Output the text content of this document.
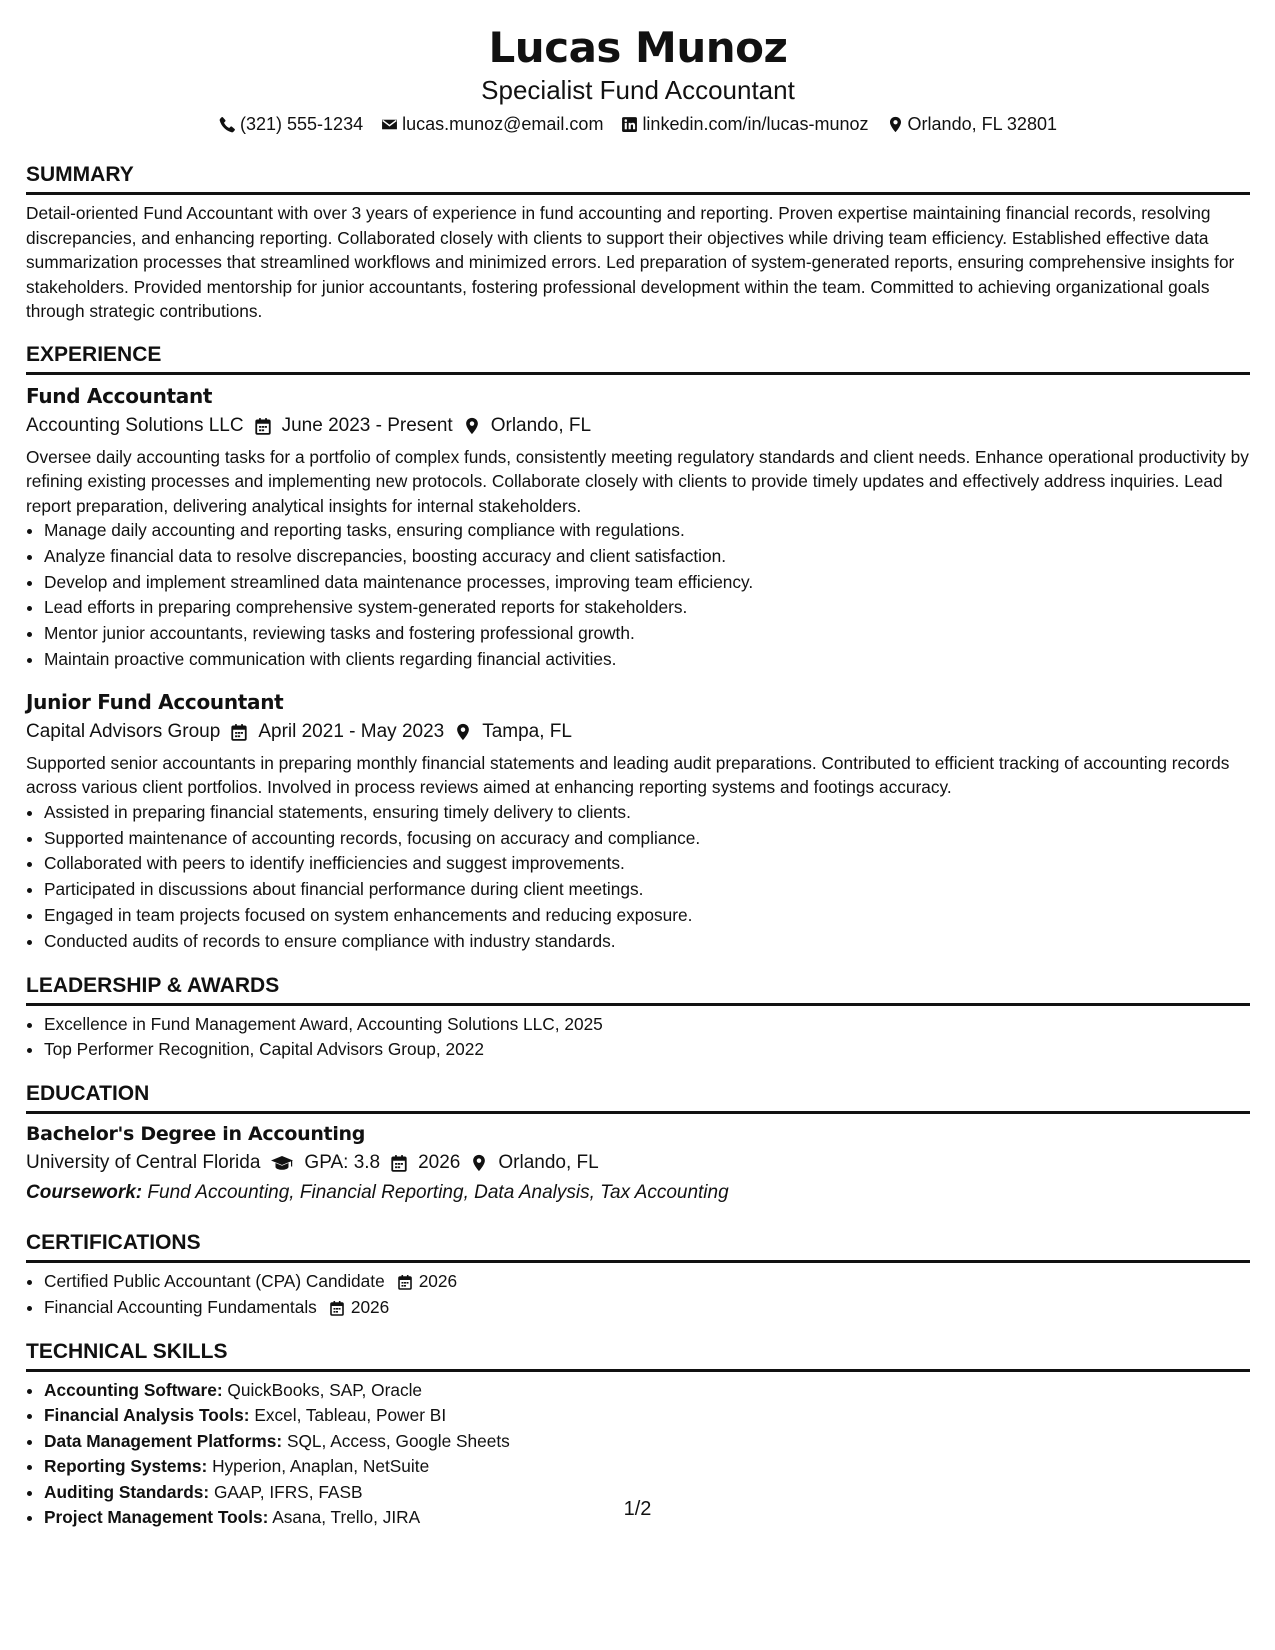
Lucas Munoz
Specialist Fund Accountant
(321) 555-1234 lucas.munoz@email.com linkedin.com/in/lucas-munoz Orlando, FL 32801
SUMMARY
Detail-oriented Fund Accountant with over 3 years of experience in fund accounting and reporting. Proven expertise maintaining financial records, resolving discrepancies, and enhancing reporting. Collaborated closely with clients to support their objectives while driving team efficiency. Established effective data summarization processes that streamlined workflows and minimized errors. Led preparation of system-generated reports, ensuring comprehensive insights for stakeholders. Provided mentorship for junior accountants, fostering professional development within the team. Committed to achieving organizational goals through strategic contributions.
EXPERIENCE
Fund Accountant
Accounting Solutions LLC June 2023 - Present Orlando, FL
Oversee daily accounting tasks for a portfolio of complex funds, consistently meeting regulatory standards and client needs. Enhance operational productivity by refining existing processes and implementing new protocols. Collaborate closely with clients to provide timely updates and effectively address inquiries. Lead report preparation, delivering analytical insights for internal stakeholders.
• Manage daily accounting and reporting tasks, ensuring compliance with regulations.
• Analyze financial data to resolve discrepancies, boosting accuracy and client satisfaction.
• Develop and implement streamlined data maintenance processes, improving team efficiency.
• Lead efforts in preparing comprehensive system-generated reports for stakeholders.
• Mentor junior accountants, reviewing tasks and fostering professional growth.
• Maintain proactive communication with clients regarding financial activities.
Junior Fund Accountant
Capital Advisors Group April 2021 - May 2023 Tampa, FL
Supported senior accountants in preparing monthly financial statements and leading audit preparations. Contributed to efficient tracking of accounting records across various client portfolios. Involved in process reviews aimed at enhancing reporting systems and footings accuracy.
• Assisted in preparing financial statements, ensuring timely delivery to clients.
• Supported maintenance of accounting records, focusing on accuracy and compliance.
• Collaborated with peers to identify inefficiencies and suggest improvements.
• Participated in discussions about financial performance during client meetings.
• Engaged in team projects focused on system enhancements and reducing exposure.
• Conducted audits of records to ensure compliance with industry standards.
LEADERSHIP & AWARDS
• Excellence in Fund Management Award, Accounting Solutions LLC, 2025
• Top Performer Recognition, Capital Advisors Group, 2022
EDUCATION
Bachelor's Degree in Accounting
University of Central Florida GPA: 3.8 2026 Orlando, FL
Coursework: Fund Accounting, Financial Reporting, Data Analysis, Tax Accounting
CERTIFICATIONS
• Certified Public Accountant (CPA) Candidate 2026
• Financial Accounting Fundamentals 2026
TECHNICAL SKILLS
• Accounting Software: QuickBooks, SAP, Oracle
• Financial Analysis Tools: Excel, Tableau, Power BI
• Data Management Platforms: SQL, Access, Google Sheets
• Reporting Systems: Hyperion, Anaplan, NetSuite
• Auditing Standards: GAAP, IFRS, FASB
• Project Management Tools: Asana, Trello, JIRA	1/2
